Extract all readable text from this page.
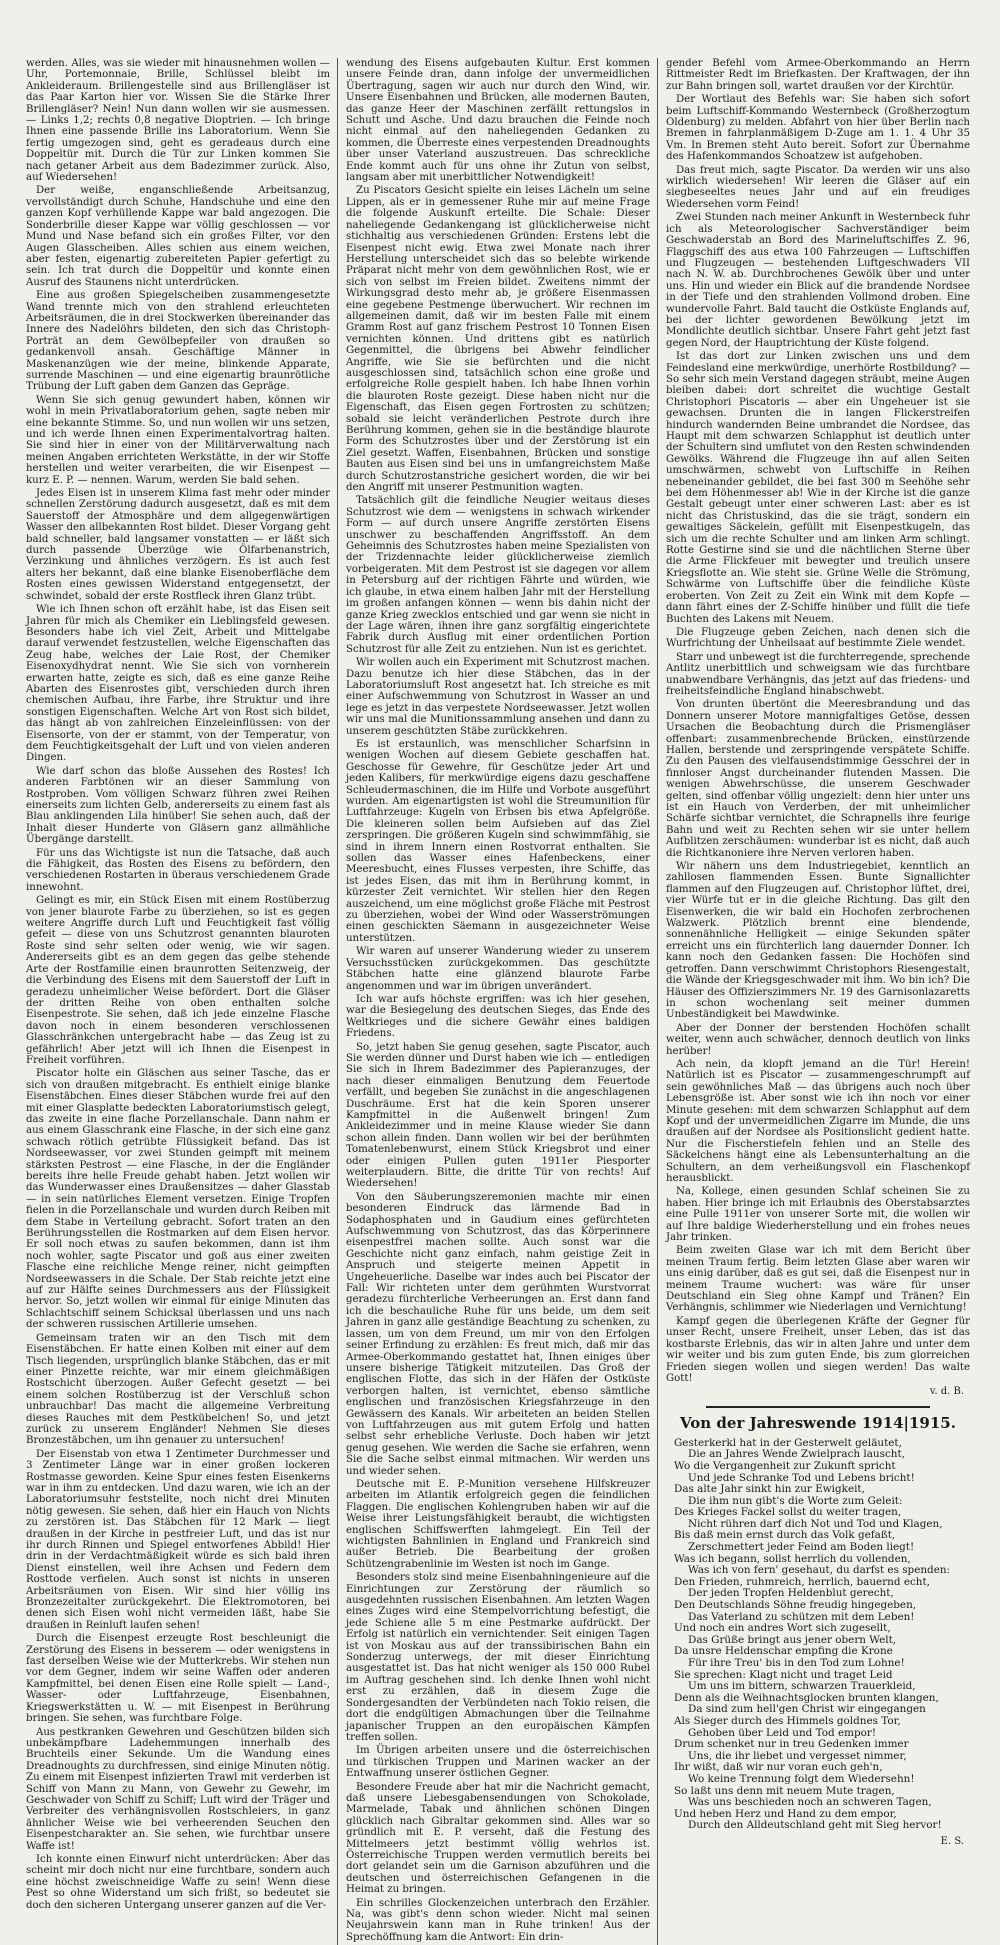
werden. Alles, was sie wieder mit hinausnehmen wollen — Uhr, Portemonnaie, Brille, Schlüssel bleibt im Ankleideraum. Brillengestelle sind aus Brillengläser ist das Paar Karton hier vor. Wissen Sie die Stärke Ihrer Brillengläser? Nein! Nun dann wollen wir sie ausmessen. — Links 1,2; rechts 0,8 negative Dioptrien. — Ich bringe Ihnen eine passende Brille ins Laboratorium. Wenn Sie fertig umgezogen sind, geht es geradeaus durch eine Doppeltür mit. Durch die Tür zur Linken kommen Sie nach getaner Arbeit aus dem Badezimmer zurück. Also, auf Wiedersehen!

Der weiße, enganschließende Arbeitsanzug, vervollständigt durch Schuhe, Handschuhe und eine den ganzen Kopf verhüllende Kappe war bald angezogen. Die Sonderbrille dieser Kappe war völlig geschlossen — vor Mund und Nase befand sich ein großes Filter, vor den Augen Glasscheiben. Alles schien aus einem weichen, aber festen, eigenartig zubereiteten Papier gefertigt zu sein. Ich trat durch die Doppeltür und konnte einen Ausruf des Staunens nicht unterdrücken.

Eine aus großen Spiegelscheiben zusammengesetzte Wand trennte mich von den strahlend erleuchteten Arbeitsräumen, die in drei Stockwerken übereinander das Innere des Nadelöhrs bildeten, den sich das Christoph-Porträt an dem Gewölbepfeiler von draußen so gedankenvoll ansah. Geschäftige Männer in Maskenanzügen wie der meine, blinkende Apparate, surrende Maschinen — und eine eigenartig braunrötliche Trübung der Luft gaben dem Ganzen das Gepräge.

Wenn Sie sich genug gewundert haben, können wir wohl in mein Privatlaboratorium gehen, sagte neben mir eine bekannte Stimme. So, und nun wollen wir uns setzen, und ich werde Ihnen einen Experimentalvortrag halten. Sie sind hier in einer von der Militärverwaltung nach meinen Angaben errichteten Werkstätte, in der wir Stoffe herstellen und weiter verarbeiten, die wir Eisenpest — kurz E. P. — nennen. Warum, werden Sie bald sehen.

Jedes Eisen ist in unserem Klima fast mehr oder minder schnellen Zerstörung dadurch ausgesetzt, daß es mit dem Sauerstoff der Atmosphäre und dem allgegenwärtigen Wasser den allbekannten Rost bildet. Dieser Vorgang geht bald schneller, bald langsamer vonstatten — er läßt sich durch passende Überzüge wie Ölfarbenanstrich, Verzinkung und ähnliches verzögern. Es ist auch fest alters her bekannt, daß eine blanke Eisenoberfläche dem Rosten eines gewissen Widerstand entgegensetzt, der schwindet, sobald der erste Rostfleck ihren Glanz trübt.

Wie ich Ihnen schon oft erzählt habe, ist das Eisen seit Jahren für mich als Chemiker ein Lieblingsfeld gewesen. Besonders habe ich viel Zeit, Arbeit und Mittelgabe darauf verwendet festzustellen, welche Eigenschaften das Zeug habe, welches der Laie Rost, der Chemiker Eisenoxydhydrat nennt. Wie Sie sich von vornherein erwarten hatte, zeigte es sich, daß es eine ganze Reihe Abarten des Eisenrostes gibt, verschieden durch ihren chemischen Aufbau, ihre Farbe, ihre Struktur und ihre sonstigen Eigenschaften. Welche Art von Rost sich bildet, das hängt ab von zahlreichen Einzeleinflüssen: von der Eisensorte, von der er stammt, von der Temperatur, von dem Feuchtigkeitsgehalt der Luft und von vielen anderen Dingen.

Wie darf schon das bloße Aussehen des Rostes! Ich anderen Farbtönen wir an dieser Sammlung von Rostproben. Vom völligen Schwarz führen zwei Reihen einerseits zum lichten Gelb, andererseits zu einem fast als Blau anklingenden Lila hinüber! Sie sehen auch, daß der Inhalt dieser Hunderte von Gläsern ganz allmähliche Übergänge darstellt.

Für uns das Wichtigste ist nun die Tatsache, daß auch die Fähigkeit, das Rosten des Eisens zu befördern, den verschiedenen Rostarten in überaus verschiedenem Grade innewohnt.

Gelingt es mir, ein Stück Eisen mit einem Rostüberzug von jener blaurote Farbe zu überziehen, so ist es gegen weitere Angriffe durch Luft und Feuchtigkeit fast völlig gefeit — diese von uns Schutzrost genannten blauroten Roste sind sehr selten oder wenig, wie wir sagen. Andererseits gibt es an dem gegen das gelbe stehende Arte der Rostfamilie einen braunrotten Seitenzweig, der die Verbindung des Eisens mit dem Sauerstoff der Luft in geradezu unheimlicher Weise befördert. Dort die Gläser der dritten Reihe von oben enthalten solche Eisenpestrote. Sie sehen, daß ich jede einzelne Flasche davon noch in einem besonderen verschlossenen Glasschränkchen untergebracht habe — das Zeug ist zu gefährlich! Aber jetzt will ich Ihnen die Eisenpest in Freiheit vorführen.

Piscator holte ein Gläschen aus seiner Tasche, das er sich von draußen mitgebracht. Es enthielt einige blanke Eisenstäbchen. Eines dieser Stäbchen wurde frei auf den mit einer Glasplatte bedeckten Laboratoriumstisch gelegt, das zweite in eine flache Porzellanschale. Dann nahm er aus einem Glasschrank eine Flasche, in der sich eine ganz schwach rötlich getrübte Flüssigkeit befand. Das ist Nordseewasser, vor zwei Stunden geimpft mit meinem stärksten Pestrost — eine Flasche, in der die Engländer bereits ihre helle Freude gehabt haben. Jetzt wollen wir das Wunderwasser eines Draußensitzes — daher Glasstab — in sein natürliches Element versetzen. Einige Tropfen fielen in die Porzellanschale und wurden durch Reiben mit dem Stabe in Verteilung gebracht. Sofort traten an den Berührungsstellen die Rostmarken auf dem Eisen hervor. Er soll noch etwas zu saufen bekommen, dann ist ihm noch wohler, sagte Piscator und goß aus einer zweiten Flasche eine reichliche Menge reiner, nicht geimpften Nordseewassers in die Schale. Der Stab reichte jetzt eine auf zur Hälfte seines Durchmessers aus der Flüssigkeit hervor. So, jetzt wollen wir einmal für einige Minuten das Schlachtschiff seinem Schicksal überlassen und uns nach der schweren russischen Artillerie umsehen.

Gemeinsam traten wir an den Tisch mit dem Eisenstäbchen. Er hatte einen Kolben mit einer auf dem Tisch liegenden, ursprünglich blanke Stäbchen, das er mit einer Pinzette reichte, war mir einem gleichmäßigen Rostschicht überzogen. Außer Gefecht gesetzt — bei einem solchen Rostüberzug ist der Verschluß schon unbrauchbar! Das macht die allgemeine Verbreitung dieses Rauches mit dem Pestkübelchen! So, und jetzt zurück zu unserem Engländer! Nehmen Sie dieses Bronzestäbchen, um ihn genauer zu untersuchen!

Der Eisenstab von etwa 1 Zentimeter Durchmesser und 3 Zentimeter Länge war in einer großen lockeren Rostmasse geworden. Keine Spur eines festen Eisenkerns war in ihm zu entdecken. Und dazu waren, wie ich an der Laboratoriumsuhr feststellte, noch nicht drei Minuten nötig gewesen. Sie sehen, daß hier ein Hauch von Nichts zu zerstören ist. Das Stäbchen für 12 Mark — liegt draußen in der Kirche in pestfreier Luft, und das ist nur ihr durch Rinnen und Spiegel entworfenes Abbild! Hier drin in der Verdachtmäßigkeit würde es sich bald ihren Dienst einstellen, weil ihre Achsen und Federn dem Rosttode verfielen. Auch sonst ist nichts in unseren Arbeitsräumen von Eisen. Wir sind hier völlig ins Bronzezeitalter zurückgekehrt. Die Elektromotoren, bei denen sich Eisen wohl nicht vermeiden läßt, habe Sie draußen in Reinluft laufen sehen!

Durch die Eisenpest erzeugte Rost beschleunigt die Zerstörung des Eisens in besserem — oder wenigstens in fast derselben Weise wie der Mutterkrebs. Wir stehen nun vor dem Gegner, indem wir seine Waffen oder anderen Kampfmittel, bei denen Eisen eine Rolle spielt — Land-, Wasser- oder Luftfahrzeuge, Eisenbahnen, Kriegswerkstätten u. W. — mit Eisenpest in Berührung bringen. Sie sehen, was furchtbare Folge.

Aus pestkranken Gewehren und Geschützen bilden sich unbekämpfbare Ladehemmungen innerhalb des Bruchteils einer Sekunde. Um die Wandung eines Dreadnoughts zu durchfressen, sind einige Minuten nötig. Zu einem mit Eisenpest infizierten Trawl mit verderben ist Schiff von Mann zu Mann, von Gewehr zu Gewehr, im Geschwader von Schiff zu Schiff; Luft wird der Träger und Verbreiter des verhängnisvollen Rostschleiers, in ganz ähnlicher Weise wie bei verheerenden Seuchen den Eisenpestcharakter an. Sie sehen, wie furchtbar unsere Waffe ist!

Ich konnte einen Einwurf nicht unterdrücken: Aber das scheint mir doch nicht nur eine furchtbare, sondern auch eine höchst zweischneidige Waffe zu sein! Wenn diese Pest so ohne Widerstand um sich frißt, so bedeutet sie doch den sicheren Untergang unserer ganzen auf die Ver-

wendung des Eisens aufgebauten Kultur. Erst kommen unsere Feinde dran, dann infolge der unvermeidlichen Übertragung, sagen wir auch nur durch den Wind, wir. Unsere Eisenbahnen und Brücken, alle modernen Bauten, das ganze Heer der Maschinen zerfällt rettungslos in Schutt und Asche. Und dazu brauchen die Feinde noch nicht einmal auf den naheliegenden Gedanken zu kommen, die Überreste eines verpestenden Dreadnoughts über unser Vaterland auszustreuen. Das schreckliche Ende kommt auch für uns ohne ihr Zutun von selbst, langsam aber mit unerbittlicher Notwendigkeit!

Zu Piscators Gesicht spielte ein leises Lächeln um seine Lippen, als er in gemessener Ruhe mir auf meine Frage die folgende Auskunft erteilte. Die Schale: Dieser naheliegende Gedankengang ist glücklicherweise nicht stichhaltig aus verschiedenen Gründen: Erstens lebt die Eisenpest nicht ewig. Etwa zwei Monate nach ihrer Herstellung unterscheidet sich das so belebte wirkende Präparat nicht mehr von dem gewöhnlichen Rost, wie er sich von selbst im Freien bildet. Zweitens nimmt der Wirkungsgrad desto mehr ab, je größere Eisenmassen eine gegebene Pestmenge überwuchert. Wir rechnen im allgemeinen damit, daß wir im besten Falle mit einem Gramm Rost auf ganz frischem Pestrost 10 Tonnen Eisen vernichten können. Und drittens gibt es natürlich Gegenmittel, die übrigens bei Abwehr feindlicher Angriffe, wie Sie sie befürchten und die nicht ausgeschlossen sind, tatsächlich schon eine große und erfolgreiche Rolle gespielt haben. Ich habe Ihnen vorhin die blauroten Roste gezeigt. Diese haben nicht nur die Eigenschaft, das Eisen gegen Fortrosten zu schützen; sobald sie leicht veränderlichen Pestrote durch ihre Berührung kommen, gehen sie in die beständige blaurote Form des Schutzrostes über und der Zerstörung ist ein Ziel gesetzt. Waffen, Eisenbahnen, Brücken und sonstige Bauten aus Eisen sind bei uns in umfangreichstem Maße durch Schutzrostanstriche gesichert worden, die wir bei den Angriff mit unserer Pestmunition wagten.

Tatsächlich gilt die feindliche Neugier weitaus dieses Schutzrost wie dem — wenigstens in schwach wirkender Form — auf durch unsere Angriffe zerstörten Eisens unschwer zu beschaffenden Angriffsstoff. An dem Geheimnis des Schutzrostes haben meine Spezialisten von der Trizdennachte leider glücklicherweise ziemlich vorbeigeraten. Mit dem Pestrost ist sie dagegen vor allem in Petersburg auf der richtigen Fährte und würden, wie ich glaube, in etwa einem halben Jahr mit der Herstellung im großen anfangen können — wenn bis dahin nicht der ganze Krieg zwecklos entschied und gar wenn sie nicht in der Lage wären, ihnen ihre ganz sorgfältig eingerichtete Fabrik durch Ausflug mit einer ordentlichen Portion Schutzrost für alle Zeit zu entziehen. Nun ist es gerichtet.

Wir wollen auch ein Experiment mit Schutzrost machen. Dazu benutze ich hier diese Stäbchen, das in der Laboratoriumsluft Rost angesetzt hat. Ich streiche es mit einer Aufschwemmung von Schutzrost in Wasser an und lege es jetzt in das verpestete Nordseewasser. Jetzt wollen wir uns mal die Munitionssammlung ansehen und dann zu unserem geschützten Stäbe zurückkehren.

Es ist erstaunlich, was menschlicher Scharfsinn in wenigen Wochen auf diesem Gebiete geschaffen hat. Geschosse für Gewehre, für Geschütze jeder Art und jeden Kalibers, für merkwürdige eigens dazu geschaffene Schleudermaschinen, die im Hilfe und Vorbote ausgeführt wurden. Am eigenartigsten ist wohl die Streumunition für Luftfahrzeuge: Kugeln von Erbsen bis etwa Apfelgröße. Die kleineren sollen beim Aufsieben auf das Ziel zerspringen. Die größeren Kugeln sind schwimmfähig, sie sind in ihrem Innern einen Rostvorrat enthalten. Sie sollen das Wasser eines Hafenbeckens, einer Meeresbucht, eines Flusses verpesten, ihre Schiffe, das ist jedes Eisen, das mit ihm in Berührung kommt, in kürzester Zeit vernichtet. Wir stellen hier den Regen auszeichend, um eine möglichst große Fläche mit Pestrost zu überziehen, wobei der Wind oder Wasserströmungen einen geschickten Säemann in ausgezeichneter Weise unterstützen.

Wir waren auf unserer Wanderung wieder zu unserem Versuchsstücken zurückgekommen. Das geschützte Stäbchen hatte eine glänzend blaurote Farbe angenommen und war im übrigen unverändert.

Ich war aufs höchste ergriffen: was ich hier gesehen, war die Besiegelung des deutschen Sieges, das Ende des Weltkrieges und die sichere Gewähr eines baldigen Friedens.

So, jetzt haben Sie genug gesehen, sagte Piscator, auch Sie werden dünner und Durst haben wie ich — entledigen Sie sich in Ihrem Badezimmer des Papieranzuges, der nach dieser einmaligen Benutzung dem Feuertode verfällt, und begeben Sie zunächst in die angeschlagenen Duschräume. Erst hat die kein Sporen unserer Kampfmittel in die Außenwelt bringen! Zum Ankleidezimmer und in meine Klause wieder Sie dann schon allein finden. Dann wollen wir bei der berühmten Tomatenlebenwurst, einem Stück Kriegsbrot und einer oder einigen Pullen guten 1911er Piesporter weiterplaudern. Bitte, die dritte Tür von rechts! Auf Wiedersehen!

Von den Säuberungszeremonien machte mir einen besonderen Eindruck das lärmende Bad in Sodaphosphaten und in Gaudium eines gefürchteten Aufschwemmung von Schutzrost, das das Körperinnere eisenpestfrei machen sollte. Auch sonst war die Geschichte nicht ganz einfach, nahm geistige Zeit in Anspruch und steigerte meinen Appetit in Ungeheuerliche. Daselbe war indes auch bei Piscator der Fall: Wir richteten unter dem gerühmten Wurstvorrat geradezu fürchterliche Verheerungen an. Erst dann fand ich die beschauliche Ruhe für uns beide, um dem seit Jahren in ganz alle geständige Beachtung zu schenken, zu lassen, um von dem Freund, um mir von den Erfolgen seiner Erfindung zu erzählen: Es freut mich, daß mir das Armee-Oberkommando gestattet hat, Ihnen einiges über unsere bisherige Tätigkeit mitzuteilen. Das Groß der englischen Flotte, das sich in der Häfen der Ostküste verborgen halten, ist vernichtet, ebenso sämtliche englischen und französischen Kriegsfahrzeuge in den Gewässern des Kanals. Wir arbeiteten an beiden Stellen von Luftfahrzeugen aus mit gutem Erfolg und hatten selbst sehr erhebliche Verluste. Doch haben wir jetzt genug gesehen. Wie werden die Sache sie erfahren, wenn Sie die Sache selbst einmal mitmachen. Wir werden uns und wieder sehen.

Deutsche mit E. P.-Munition versehene Hilfskreuzer arbeiten im Atlantik erfolgreich gegen die feindlichen Flaggen. Die englischen Kohlengruben haben wir auf die Weise ihrer Leistungsfähigkeit beraubt, die wichtigsten englischen Schiffswerften lahmgelegt. Ein Teil der wichtigsten Bahnlinien in England und Frankreich sind außer Betrieb. Die Bearbeitung der großen Schützengrabenlinie im Westen ist noch im Gange.

Besonders stolz sind meine Eisenbahningenieure auf die Einrichtungen zur Zerstörung der räumlich so ausgedehnten russischen Eisenbahnen. Am letzten Wagen eines Zuges wird eine Stempelvorrichtung befestigt, die jede Schiene alle 5 m eine Pestmarke aufdrückt. Der Erfolg ist natürlich ein vernichtender. Seit einigen Tagen ist von Moskau aus auf der transsibirischen Bahn ein Sonderzug unterwegs, der mit dieser Einrichtung ausgestattet ist. Das hat nicht weniger als 150 000 Rubel im Auftrag geschehen sind. Ich denke Ihnen wohl nicht erst zu erzählen, daß in diesem Zuge die Sondergesandten der Verbündeten nach Tokio reisen, die dort die endgültigen Abmachungen über die Teilnahme japanischer Truppen an den europäischen Kämpfen treffen sollen.

Im Übrigen arbeiten unsere und die österreichischen und türkischen Truppen und Marinen wacker an der Entwaffnung unserer östlichen Gegner.

Besondere Freude aber hat mir die Nachricht gemacht, daß unsere Liebesgabensendungen von Schokolade, Marmelade, Tabak und ähnlichen schönen Dingen glücklich nach Gibraltar gekommen sind. Alles war so gründlich mit E. P. verseht, daß die Festung des Mittelmeers jetzt bestimmt völlig wehrlos ist. Österreichische Truppen werden vermutlich bereits bei dort gelandet sein um die Garnison abzuführen und die deutschen und österreichischen Gefangenen in die Heimat zu bringen.

Ein schrilles Glockenzeichen unterbrach den Erzähler. Na, was gibt's denn schon wieder. Nicht mal seinen Neujahrswein kann man in Ruhe trinken! Aus der Sprechöffnung kam die Antwort: Ein drin-

gender Befehl vom Armee-Oberkommando an Herrn Rittmeister Redt im Briefkasten. Der Kraftwagen, der ihn zur Bahn bringen soll, wartet draußen vor der Kirchtür.

Der Wortlaut des Befehls war: Sie haben sich sofort beim Luftschiff-Kommando Westernbeck (Großherzogtum Oldenburg) zu melden. Abfahrt von hier über Berlin nach Bremen in fahrplanmäßigem D-Zuge am 1. 1. 4 Uhr 35 Vm. In Bremen steht Auto bereit. Sofort zur Übernahme des Hafenkommandos Schoatzew ist aufgehoben.

Das freut mich, sagte Piscator. Da werden wir uns also wirklich wiedersehen! Wir leeren die Gläser auf ein siegbeseeltes neues Jahr und auf ein freudiges Wiedersehen vorm Feind!

Zwei Stunden nach meiner Ankunft in Westernbeck fuhr ich als Meteorologischer Sachverständiger beim Geschwaderstab an Bord des Marineluftschiffes Z. 96, Flaggschiff des aus etwa 100 Fahrzeugen — Luftschiffen und Flugzeugen — bestehenden Luftgeschwaders VII nach N. W. ab. Durchbrochenes Gewölk über und unter uns. Hin und wieder ein Blick auf die brandende Nordsee in der Tiefe und den strahlenden Vollmond droben. Eine wundervolle Fahrt. Bald taucht die Ostküste Englands auf, bei der lichter gewordenen Bewölkung jetzt im Mondlichte deutlich sichtbar. Unsere Fahrt geht jetzt fast gegen Nord, der Hauptrichtung der Küste folgend.

Ist das dort zur Linken zwischen uns und dem Feindesland eine merkwürdige, unerhörte Rostbildung? — So sehr sich mein Verstand dagegen sträubt, meine Augen bleiben dabei: dort schreitet die wuchtige Gestalt Christophori Piscatoris — aber ein Ungeheuer ist sie gewachsen. Drunten die in langen Flickerstreifen hindurch wandernden Beine umbrandet die Nordsee, das Haupt mit dem schwarzen Schlapphut ist deutlich unter der Schultern sind umflutet von den Resten schwindenden Gewölks. Während die Flugzeuge ihn auf allen Seiten umschwärmen, schwebt von Luftschiffe in Reihen nebeneinander gebildet, die bei fast 300 m Seehöhe sehr bei dem Höhenmesser ab! Wie in der Kirche ist die ganze Gestalt gebeugt unter einer schweren Last: aber es ist nicht das Christuskind, das die sie trägt, sondern ein gewaltiges Säckelein, gefüllt mit Eisenpestkugeln, das sich um die rechte Schulter und am linken Arm schlingt. Rotte Gestirne sind sie und die nächtlichen Sterne über die Arme Flickfeuer mit bewegter und treulich unsere Kriegsflotte an. Wie steht sie. Grüne Welle die Strömung, Schwärme von Luftschiffe über die feindliche Küste eroberten. Von Zeit zu Zeit ein Wink mit dem Kopfe — dann fährt eines der Z-Schiffe hinüber und füllt die tiefe Buchten des Lakens mit Neuem.

Die Flugzeuge geben Zeichen, nach denen sich die Wurfrichtung der Unheilsaat auf bestimmte Ziele wendet.

Starr und unbewegt ist die furchterregende, sprechende Antlitz unerbittlich und schweigsam wie das furchtbare unabwendbare Verhängnis, das jetzt auf das friedens- und freiheitsfeindliche England hinabschwebt.

Von drunten übertönt die Meeresbrandung und das Donnern unserer Motore mannigfaltiges Getöse, dessen Ursachen die Beobachtung durch die Prismengläser offenbart: zusammenbrechende Brücken, einstürzende Hallen, berstende und zerspringende verspätete Schiffe. Zu den Pausen des vielfausendstimmige Gesschrei der in finnloser Angst durcheinander flutenden Massen. Die wenigen Abwehrschüsse, die unserem Geschwader gelten, sind offenbar völlig ungezielt: denn hier unter uns ist ein Hauch von Verderben, der mit unheimlicher Schärfe sichtbar vernichtet, die Schrapnells ihre feurige Bahn und weit zu Rechten sehen wir sie unter hellem Aufblitzen zerschäumen: wunderbar ist es nicht, daß auch die Richtkanoniere ihre Nerven verloren haben.

Wir nähern uns dem Industriegebiet, kenntlich an zahllosen flammenden Essen. Bunte Signallichter flammen auf den Flugzeugen auf. Christophor lüftet, drei, vier Würfe tut er in die gleiche Richtung. Das gilt den Eisenwerken, die wir bald ein Hochofen zerbrochenen Walzwerk. Plötzlich brennt eine blendende, sonnenähnliche Helligkeit — einige Sekunden später erreicht uns ein fürchterlich lang dauernder Donner. Ich kann noch den Gedanken fassen: Die Hochöfen sind getroffen. Dann verschwimmt Christophors Riesengestalt, die Wände der Kriegsgeschwader mit ihm. Wo bin ich? Die Häuser des Offizierszimmers Nr. 19 des Garnisonlazaretts in schon wochenlang seit meiner dummen Unbeständigkeit bei Mawdwinke.

Aber der Donner der berstenden Hochöfen schallt weiter, wenn auch schwächer, dennoch deutlich von links herüber!

Ach nein, da klopft jemand an die Tür! Herein! Natürlich ist es Piscator — zusammengeschrumpft auf sein gewöhnliches Maß — das übrigens auch noch über Lebensgröße ist. Aber sonst wie ich ihn noch vor einer Minute gesehen: mit dem schwarzen Schlapphut auf dem Kopf und der unvermeidlichen Zigarre im Munde, die uns draußen auf der Nordsee als Positionslicht gedient hatte. Nur die Fischerstiefeln fehlen und an Stelle des Säckelchens hängt eine als Lebensunterhaltung an die Schultern, an dem verheißungsvoll ein Flaschenkopf herausblickt.

Na, Kollege, einen gesunden Schlaf scheinen Sie zu haben. Hier bringe ich mit Erlaubnis des Oberstabsarztes eine Pulle 1911er von unserer Sorte mit, die wollen wir auf Ihre baldige Wiederherstellung und ein frohes neues Jahr trinken.

Beim zweiten Glase war ich mit dem Bericht über meinen Traum fertig. Beim letzten Glase aber waren wir uns einig darüber, daß es gut sei, daß die Eisenpest nur in meinem Traume wuchert: was wäre für unser Deutschland ein Sieg ohne Kampf und Tränen? Ein Verhängnis, schlimmer wie Niederlagen und Vernichtung!

Kampf gegen die überlegenen Kräfte der Gegner für unser Recht, unsere Freiheit, unser Leben, das ist das kostbarste Erlebnis, das wir in alten Jahre und unter dem wir weiter und bis zum guten Ende, bis zum glorreichen Frieden siegen wollen und siegen werden! Das walte Gott!

v. d. B.
Von der Jahreswende 1914|1915.
Gesterkerkl hat in der Gesterwelt geläutet,
Die an Jahres Wende Zwielprach lauscht,
Wo die Vergangenheit zur Zukunft spricht
Und jede Schranke Tod und Lebens bricht!
Das alte Jahr sinkt hin zur Ewigkeit,
Die ihm nun gibt's die Worte zum Geleit:
Des Krieges Fackel sollst du weiter tragen,
Nicht rühren darf dich Not und Tod und Klagen,
Bis daß mein ernst durch das Volk gefaßt,
Zerschmettert jeder Feind am Boden liegt!
Was ich begann, sollst herrlich du vollenden,
Was ich von fern' gesehaut, du darfst es spenden:
Den Frieden, ruhmreich, herrlich, bauernd echt,
Der jeden Tropfen Heldenblut gerecht,
Den Deutschlands Söhne freudig hingegeben,
Das Vaterland zu schützen mit dem Leben!
Und noch ein andres Wort sich zugesellt,
Das Grüße bringt aus jener obern Welt,
Da unsre Heldenschar empfing die Krone
Für ihre Treu' bis in den Tod zum Lohne!
Sie sprechen: Klagt nicht und traget Leid
Um uns im bittern, schwarzen Trauerkleid,
Denn als die Weihnachtsglocken brunten klangen,
Da sind zum hell'gen Christ wir eingegangen
Als Sieger durch des Himmels goldnes Tor,
Gehoben über Leid und Tod empor!
Drum schenket nur in treu Gedenken immer
Uns, die ihr liebet und vergesset nimmer,
Ihr wißt, daß wir nur voran euch geh'n,
Wo keine Trennung folgt dem Wiedersehn!
So laßt uns denn mit neuem Mute tragen,
Was uns beschieden noch an schweren Tagen,
Und heben Herz und Hand zu dem empor,
Durch den Alldeutschland geht mit Sieg hervor!
E. S.
